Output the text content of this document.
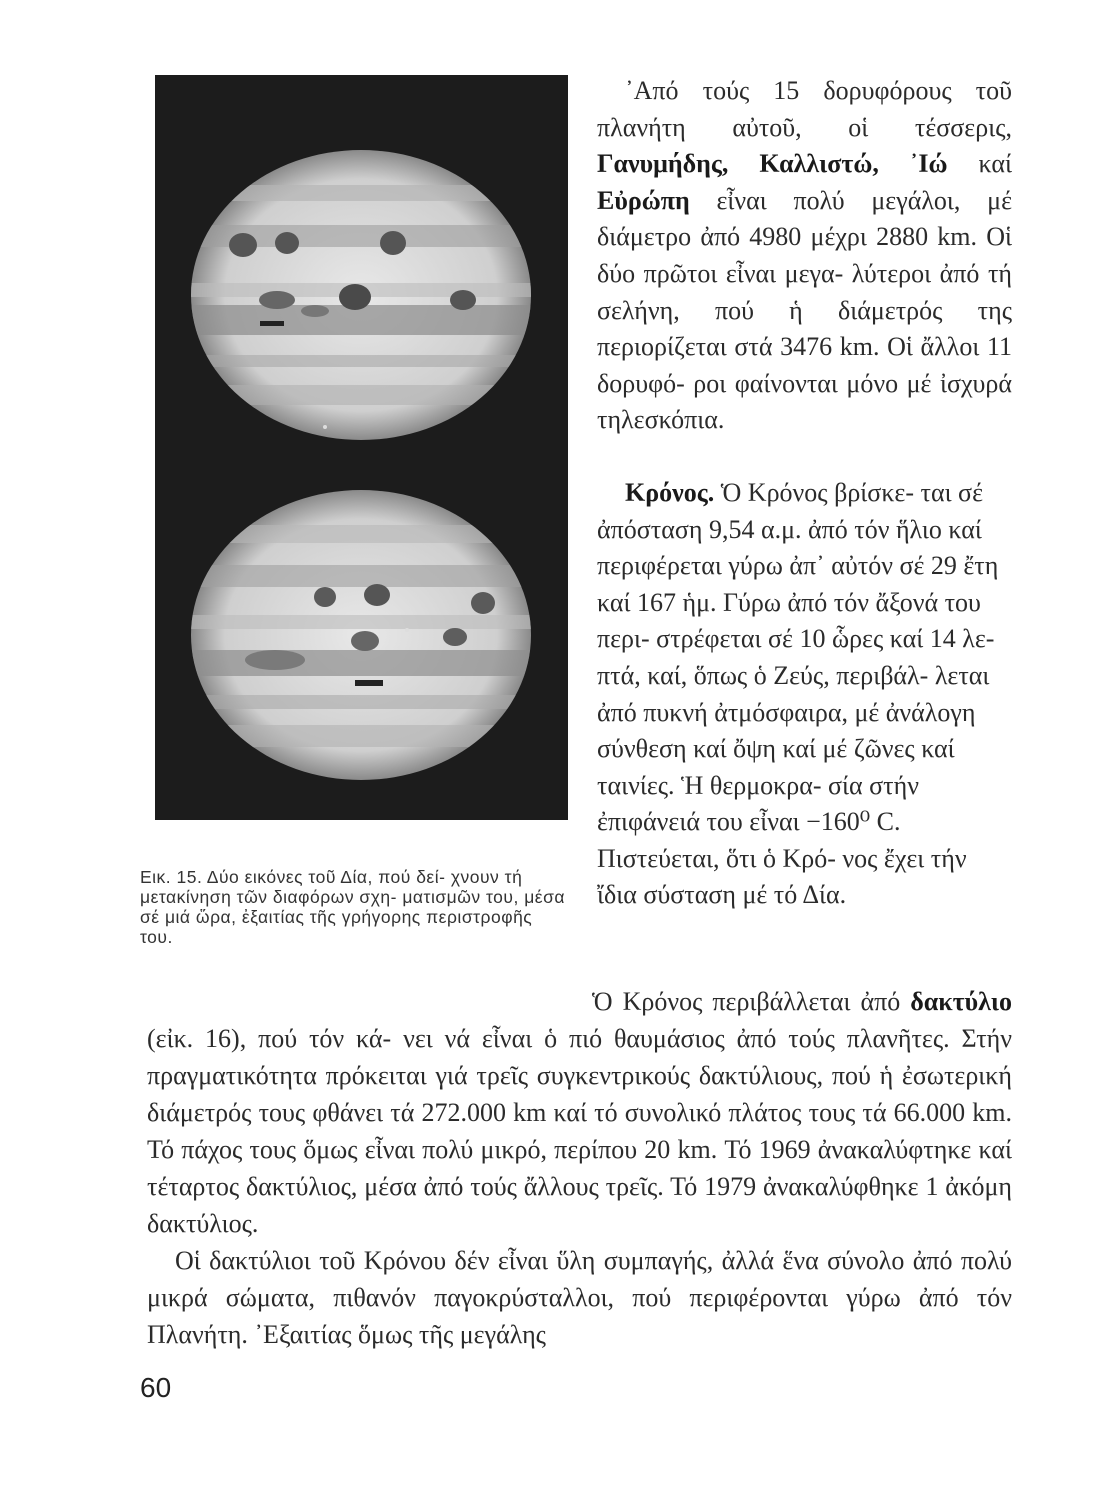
Εικ. 15. Δύο εικόνες τοῦ Δία, πού δεί- χνουν τή μετακίνηση τῶν διαφόρων σχη- ματισμῶν του, μέσα σέ μιά ὥρα, ἐξαιτίας τῆς γρήγορης περιστροφῆς του.

᾿Από τούς 15 δορυφόρους τοῦ πλανήτη αὐτοῦ, οἱ τέσσερις, Γανυμήδης, Καλλιστώ, ᾿Ιώ καί Εὐρώπη εἶναι πολύ μεγάλοι, μέ διάμετρο ἀπό 4980 μέχρι 2880 km. Οἱ δύο πρῶτοι εἶναι μεγα- λύτεροι ἀπό τή σελήνη, πού ἡ διάμετρός της περιορίζεται στά 3476 km. Οἱ ἄλλοι 11 δορυφό- ροι φαίνονται μόνο μέ ἰσχυρά τηλεσκόπια.

Κρόνος. Ὁ Κρόνος βρίσκε- ται σέ ἀπόσταση 9,54 α.μ. ἀπό τόν ἥλιο καί περιφέρεται γύρω ἀπ᾿ αὐτόν σέ 29 ἔτη καί 167 ἡμ. Γύρω ἀπό τόν ἄξονά του περι- στρέφεται σέ 10 ὧρες καί 14 λε- πτά, καί, ὅπως ὁ Ζεύς, περιβάλ- λεται ἀπό πυκνή ἀτμόσφαιρα, μέ ἀνάλογη σύνθεση καί ὄψη καί μέ ζῶνες καί ταινίες. Ἡ θερμοκρα- σία στήν ἐπιφάνειά του εἶναι −160⁰ C. Πιστεύεται, ὅτι ὁ Κρό- νος ἔχει τήν ἴδια σύσταση μέ τό Δία.

Ὁ Κρόνος περιβάλλεται ἀπό δακτύλιο (εἰκ. 16), πού τόν κά- νει νά εἶναι ὁ πιό θαυμάσιος ἀπό τούς πλανῆτες. Στήν πραγματικότητα πρόκειται γιά τρεῖς συγκεντρικούς δακτύλιους, πού ἡ ἐσωτερική διάμετρός τους φθάνει τά 272.000 km καί τό συνολικό πλάτος τους τά 66.000 km. Τό πάχος τους ὅμως εἶναι πολύ μικρό, περίπου 20 km. Τό 1969 ἀνακαλύφτηκε καί τέταρτος δακτύλιος, μέσα ἀπό τούς ἄλλους τρεῖς. Τό 1979 ἀνακαλύφθηκε 1 ἀκόμη δακτύλιος.

Οἱ δακτύλιοι τοῦ Κρόνου δέν εἶναι ὕλη συμπαγής, ἀλλά ἕνα σύνολο ἀπό πολύ μικρά σώματα, πιθανόν παγοκρύσταλλοι, πού περιφέρονται γύρω ἀπό τόν Πλανήτη. ᾿Εξαιτίας ὅμως τῆς μεγάλης

60
